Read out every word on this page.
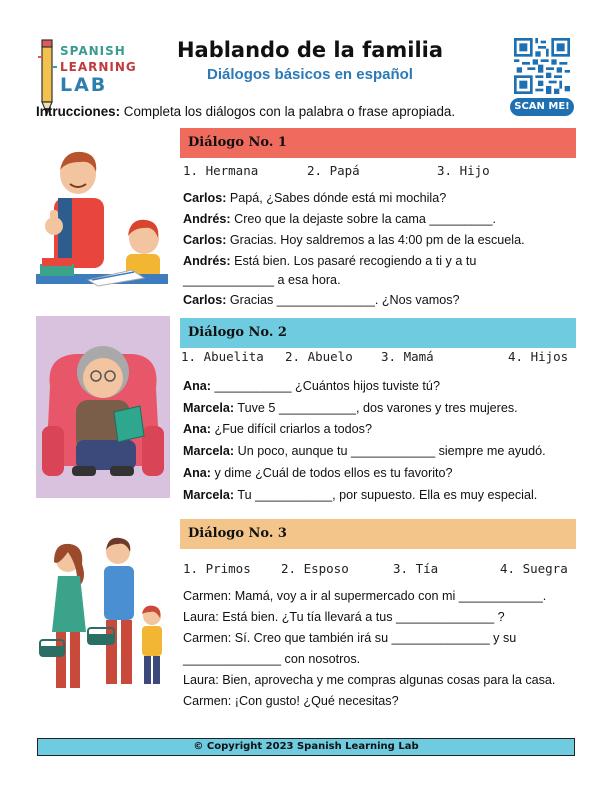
SPANISH
LEARNING
LAB
Hablando de la familia
Diálogos básicos en español
SCAN ME!
Intrucciones: Completa los diálogos con la palabra o frase apropiada.
Diálogo No. 1
1. Hermana	2. Papá	3. Hijo
Carlos: Papá, ¿Sabes dónde está mi mochila?
Andrés: Creo que la dejaste sobre la cama _________.
Carlos: Gracias. Hoy saldremos a las 4:00 pm de la escuela.
Andrés: Está bien. Los pasaré recogiendo a ti y a tu
_____________ a esa hora.
Carlos: Gracias ______________. ¿Nos vamos?
Diálogo No. 2
1. Abuelita 2. Abuelo 3. Mamá	4. Hijos
Ana: ___________ ¿Cuántos hijos tuviste tú?
Marcela: Tuve 5 ___________, dos varones y tres mujeres.
Ana: ¿Fue difícil criarlos a todos?
Marcela: Un poco, aunque tu ____________ siempre me ayudó.
Ana: y dime ¿Cuál de todos ellos es tu favorito?
Marcela: Tu ___________, por supuesto. Ella es muy especial.
Diálogo No. 3
1. Primos 2. Esposo	3. Tía	4. Suegra
Carmen: Mamá, voy a ir al supermercado con mi ____________.
Laura: Está bien. ¿Tu tía llevará a tus ______________ ?
Carmen: Sí. Creo que también irá su ______________ y su
______________ con nosotros.
Laura: Bien, aprovecha y me compras algunas cosas para la casa.
Carmen: ¡Con gusto! ¿Qué necesitas?
© Copyright 2023 Spanish Learning Lab
